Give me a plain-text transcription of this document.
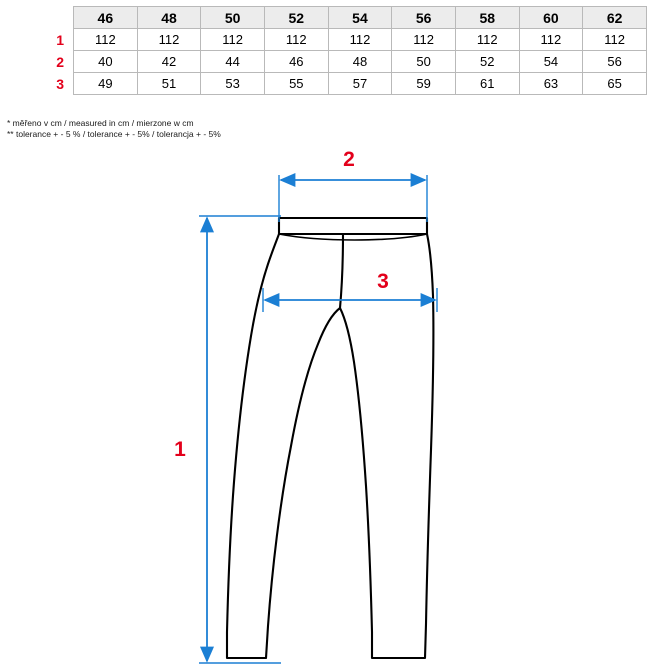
	46	48	50	52	54	56	58	60	62
1	112	112	112	112	112	112	112	112	112
2	40	42	44	46	48	50	52	54	56
3	49	51	53	55	57	59	61	63	65
* měřeno v cm / measured in cm / mierzone w cm
** tolerance + - 5 % / tolerance + - 5% / tolerancja + - 5%
2
3
1
